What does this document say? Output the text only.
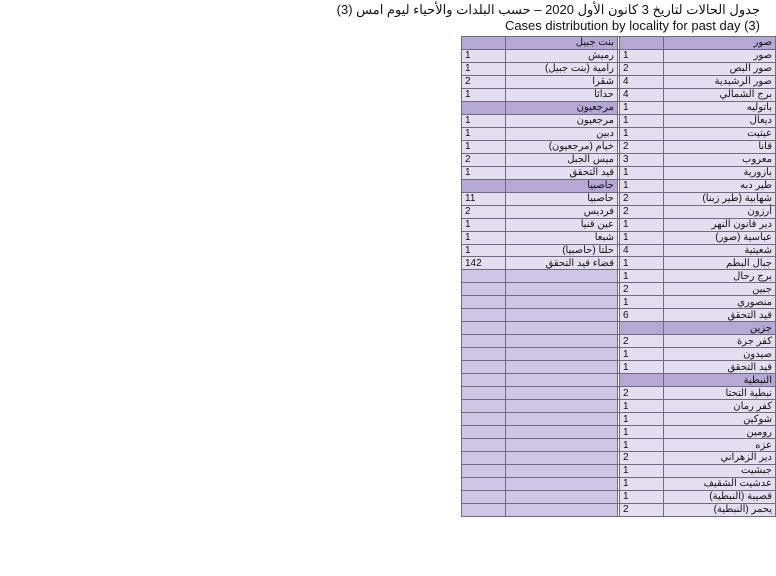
جدول الحالات لتاريخ 3 كانون الأول 2020 – حسب البلدات والأحياء ليوم امس (3)
Cases distribution by locality for past day (3)
صور			بنت جبيل	
صور	1		رميش	1
صور البص	2		رامية (بنت جبيل)	1
صور الرشيدية	4		شقرا	2
برج الشمالي	4		حداثا	1
باتوليه	1		مرجعيون	
ديعال	1		مرجعيون	1
عيتيت	1		دبين	1
قانا	2		خيام (مرجعيون)	1
معروب	3		ميس الجبل	2
بازورية	1		قيد التحقق	1
طير دبه	1		حاصبيا	
شهابية (طير زبنا)	2		حاصبيا	11
أرزون	2		فرديس	2
دير قانون النهر	1		عين قنيا	1
عباسية (صور)	1		شبعا	1
شعيتية	4		حلتا (حاصبيا)	1
جبال البطم	1		قضاء قيد التحقق	142
برج رحال	1			
جبين	2			
منصوري	1			
قيد التحقق	6			
جزين				
كفر جرة	2			
صيدون	1			
قيد التحقق	1			
النبطية				
نبطية التحتا	2			
كفر رمان	1			
شوكين	1			
رومين	1			
عزه	1			
دير الزهراني	2			
جبشيت	1			
عدشيت الشقيف	1			
قصيبة (النبطية)	1			
يحمر (النبطية)	2			
